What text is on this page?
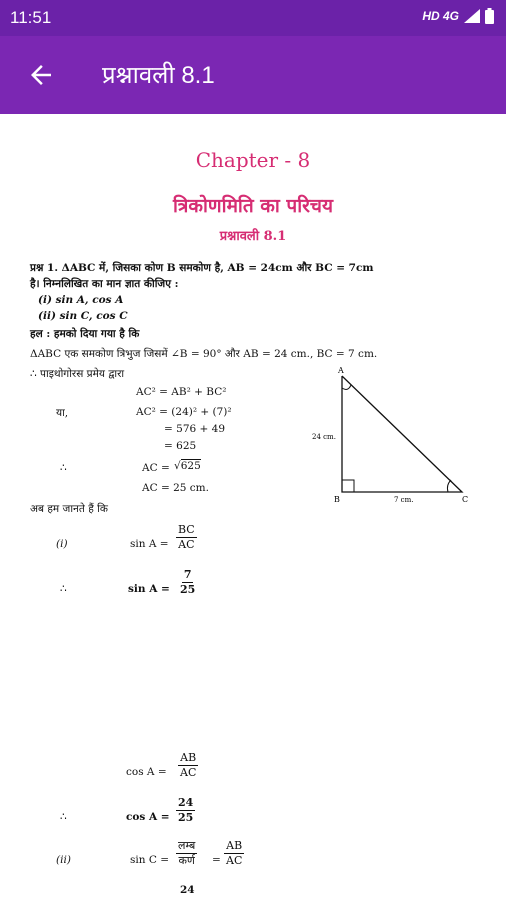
11:51	HD 4G
प्रश्नावली 8.1
Chapter - 8
त्रिकोणमिति का परिचय
प्रश्नावली 8.1
प्रश्न 1. ΔABC में, जिसका कोण B समकोण है, AB = 24cm और BC = 7cm
है। निम्नलिखित का मान ज्ञात कीजिए :
(i) sin A, cos A
(ii) sin C, cos C
हल : हमको दिया गया है कि
ΔABC एक समकोण त्रिभुज जिसमें ∠B = 90° और AB = 24 cm., BC = 7 cm.
∴ पाइथोगोरस प्रमेय द्वारा
AC² = AB² + BC²
या,	AC² = (24)² + (7)²
= 576 + 49
= 625
∴	AC = √625
AC = 25 cm.
अब हम जानते हैं कि
(i)	$\sin A = \frac{BC}{AC}$
∴	$\sin A = \frac{7}{25}$
$\cos A = \frac{AB}{AC}$
∴	$\cos A = \frac{24}{25}$
(ii)	sin C =
लम्ब
कर्ण = $\frac{AB}{AC}$
24
A
B	C
24 cm.
7 cm.
